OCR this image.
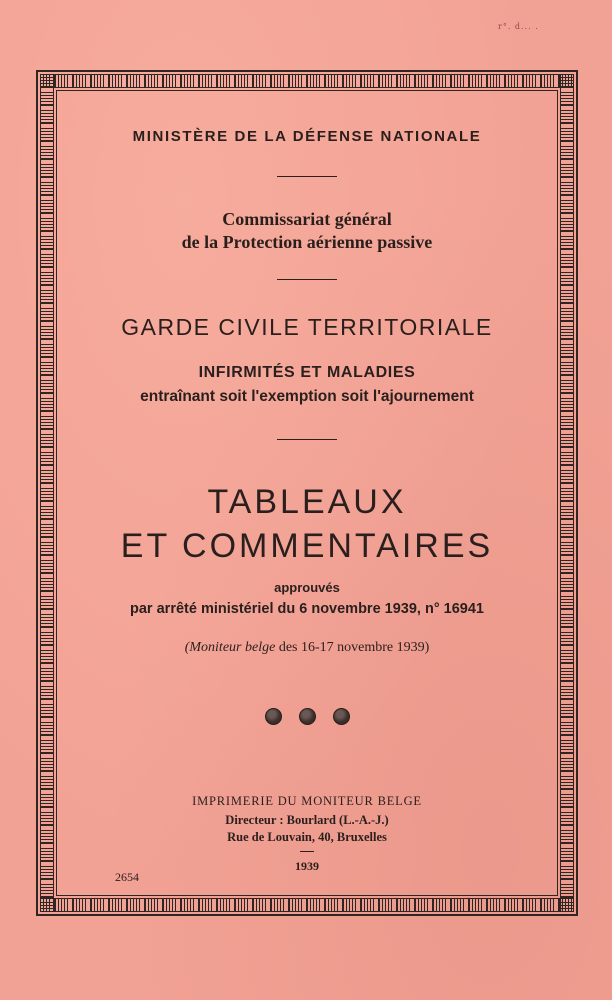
r°. d... .
MINISTÈRE DE LA DÉFENSE NATIONALE
Commissariat général
de la Protection aérienne passive
GARDE CIVILE TERRITORIALE
INFIRMITÉS ET MALADIES
entraînant soit l'exemption soit l'ajournement
TABLEAUX
ET COMMENTAIRES
approuvés
par arrêté ministériel du 6 novembre 1939, n° 16941
(Moniteur belge des 16-17 novembre 1939)
IMPRIMERIE DU MONITEUR BELGE
Directeur : Bourlard (L.-A.-J.)
Rue de Louvain, 40, Bruxelles
1939
2654
